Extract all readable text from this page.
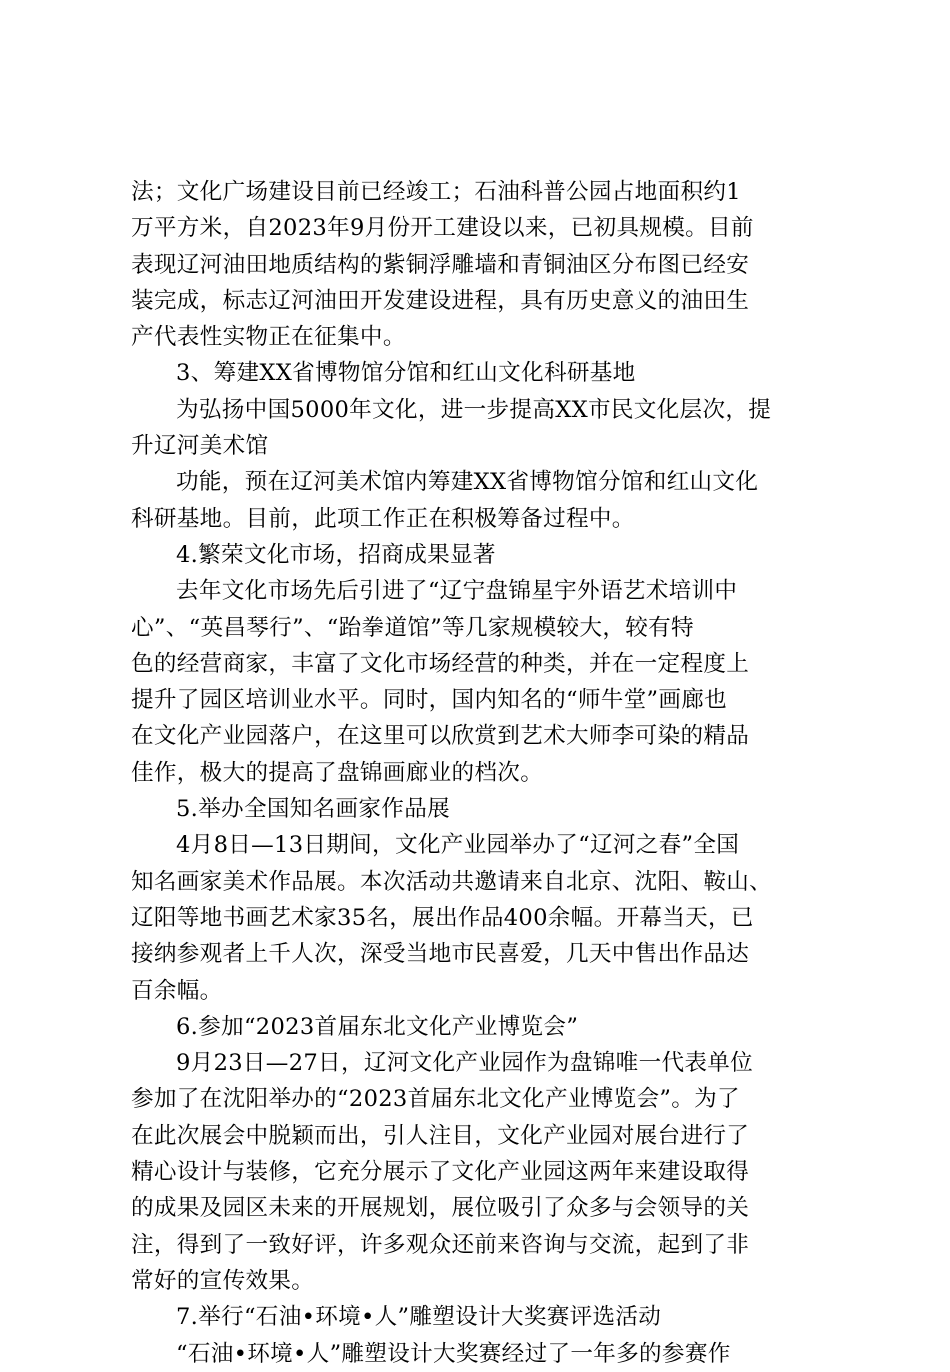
法；文化广场建设目前已经竣工；石油科普公园占地面积约1
万平方米，自2023年9月份开工建设以来，已初具规模。目前
表现辽河油田地质结构的紫铜浮雕墙和青铜油区分布图已经安
装完成，标志辽河油田开发建设进程，具有历史意义的油田生
产代表性实物正在征集中。
3、筹建XX省博物馆分馆和红山文化科研基地
为弘扬中国5000年文化，进一步提高XX市民文化层次，提
升辽河美术馆
功能，预在辽河美术馆内筹建XX省博物馆分馆和红山文化
科研基地。目前，此项工作正在积极筹备过程中。
4.繁荣文化市场，招商成果显著
去年文化市场先后引进了“辽宁盘锦星宇外语艺术培训中
心”、“英昌琴行”、“跆拳道馆”等几家规模较大，较有特
色的经营商家，丰富了文化市场经营的种类，并在一定程度上
提升了园区培训业水平。同时，国内知名的“师牛堂”画廊也
在文化产业园落户，在这里可以欣赏到艺术大师李可染的精品
佳作，极大的提高了盘锦画廊业的档次。
5.举办全国知名画家作品展
4月8日—13日期间，文化产业园举办了“辽河之春”全国
知名画家美术作品展。本次活动共邀请来自北京、沈阳、鞍山、
辽阳等地书画艺术家35名，展出作品400余幅。开幕当天，已
接纳参观者上千人次，深受当地市民喜爱，几天中售出作品达
百余幅。
6.参加“2023首届东北文化产业博览会”
9月23日—27日，辽河文化产业园作为盘锦唯一代表单位
参加了在沈阳举办的“2023首届东北文化产业博览会”。为了
在此次展会中脱颖而出，引人注目，文化产业园对展台进行了
精心设计与装修，它充分展示了文化产业园这两年来建设取得
的成果及园区未来的开展规划，展位吸引了众多与会领导的关
注，得到了一致好评，许多观众还前来咨询与交流，起到了非
常好的宣传效果。
7.举行“石油•环境•人”雕塑设计大奖赛评选活动
“石油•环境•人”雕塑设计大奖赛经过了一年多的参赛作
